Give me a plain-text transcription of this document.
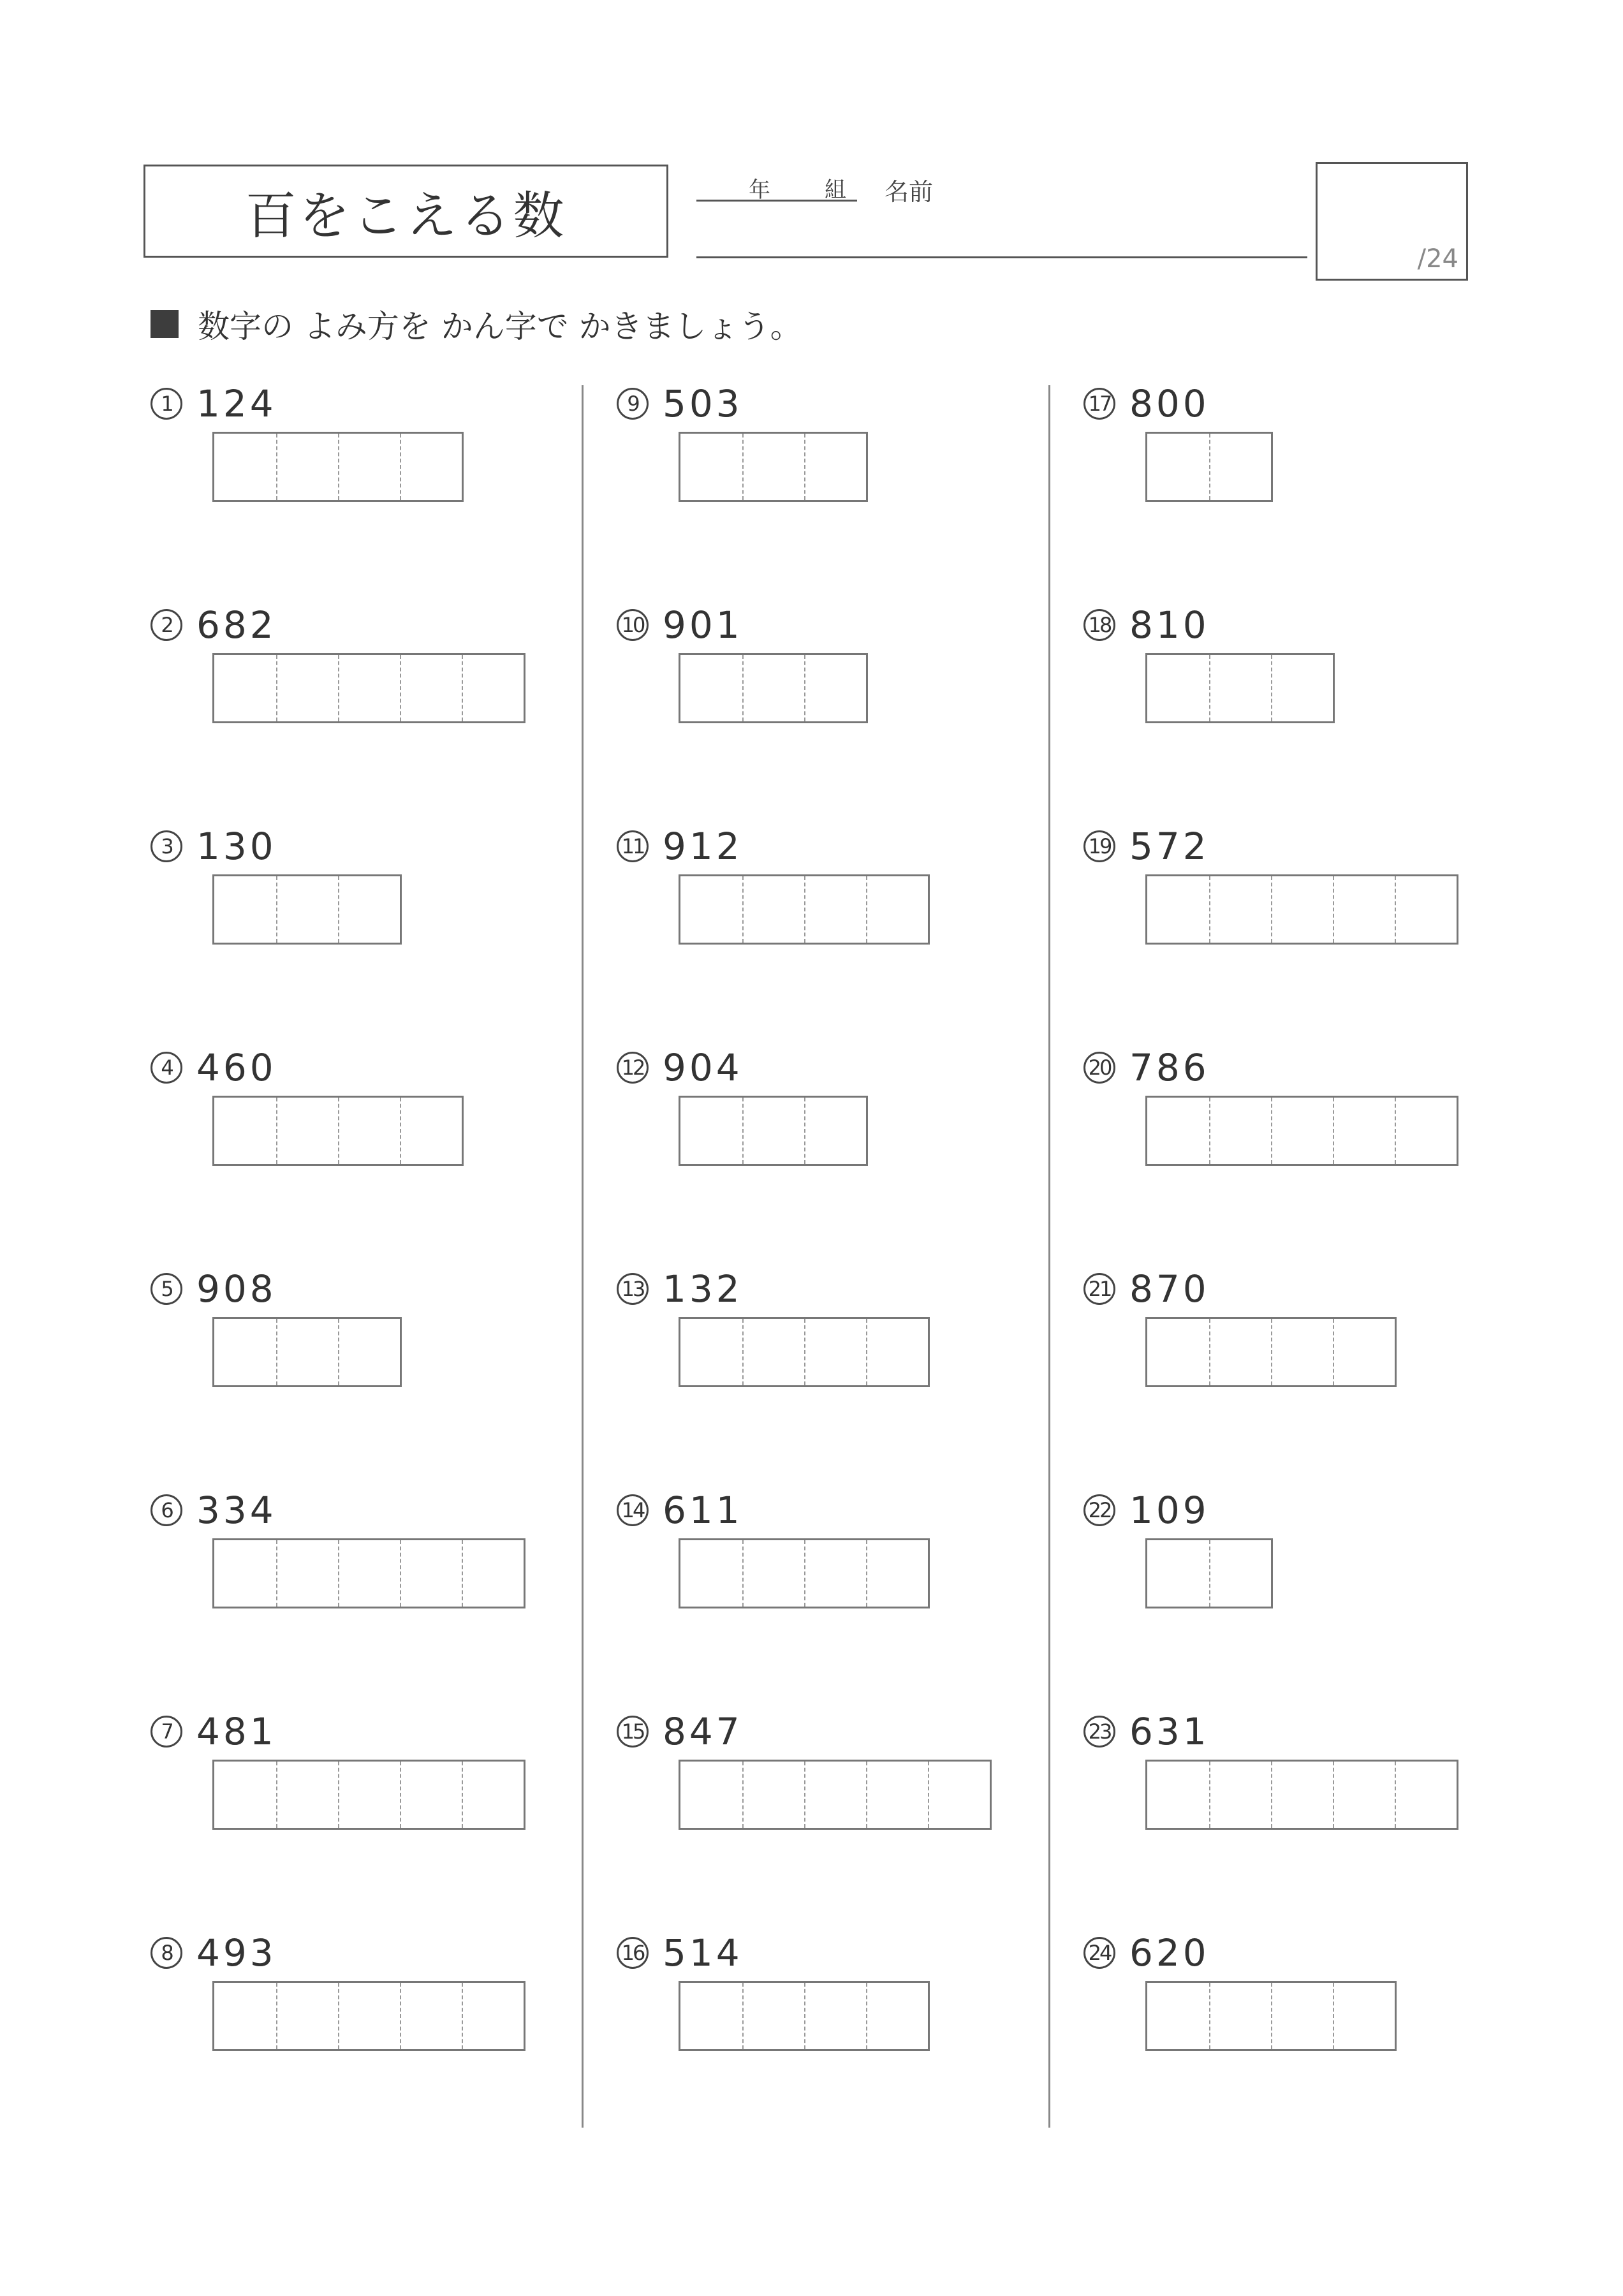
百をこえる数	年	組 名前
/24
数字の よみ方を かん字で かきましょう。
1 124
2 682
3 130
4 460
5 908
6 334
7 481
8 493
9 503
10 901
11 912
12 904
13 132
14 611
15 847
16 514
17 800
18 810
19 572
20 786
21 870
22 109
23 631
24 620
